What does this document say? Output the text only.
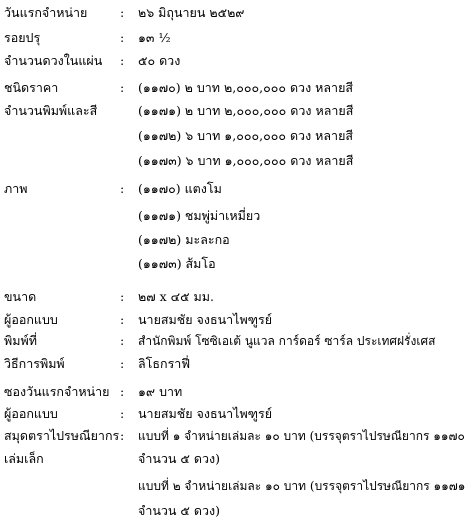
วันแรกจำหน่าย	: ๒๖ มิถุนายน ๒๕๒๙
รอยปรุ	: ๑๓ ½
จำนวนดวงในแผ่น : ๕๐ ดวง
ชนิดราคา	: (๑๑๗๐) ๒ บาท ๒,๐๐๐,๐๐๐ ดวง หลายสี
จำนวนพิมพ์และสี	(๑๑๗๑) ๒ บาท ๒,๐๐๐,๐๐๐ ดวง หลายสี
(๑๑๗๒) ๖ บาท ๑,๐๐๐,๐๐๐ ดวง หลายสี
(๑๑๗๓) ๖ บาท ๑,๐๐๐,๐๐๐ ดวง หลายสี
ภาพ	: (๑๑๗๐) แตงโม
(๑๑๗๑) ชมพู่ม่าเหมี่ยว
(๑๑๗๒) มะละกอ
(๑๑๗๓) ส้มโอ
ขนาด	: ๒๗ x ๔๕ มม.
ผู้ออกแบบ	: นายสมชัย จงธนาไพฑูรย์
พิมพ์ที่	: สำนักพิมพ์ โซซิเอเต้ นูแวล การ์ดอร์ ซาร์ล ประเทศฝรั่งเศส
วิธีการพิมพ์	: ลิโธกราฟี่
ซองวันแรกจำหน่าย : ๑๙ บาท
ผู้ออกแบบ	: นายสมชัย จงธนาไพฑูรย์
สมุดตราไปรษณียากร : แบบที่ ๑ จำหน่ายเล่มละ ๑๐ บาท (บรรจุตราไปรษณียากร ๑๑๗๐
เล่มเล็ก	จำนวน ๕ ดวง)
แบบที่ ๒ จำหน่ายเล่มละ ๑๐ บาท (บรรจุตราไปรษณียากร ๑๑๗๑
จำนวน ๕ ดวง)
